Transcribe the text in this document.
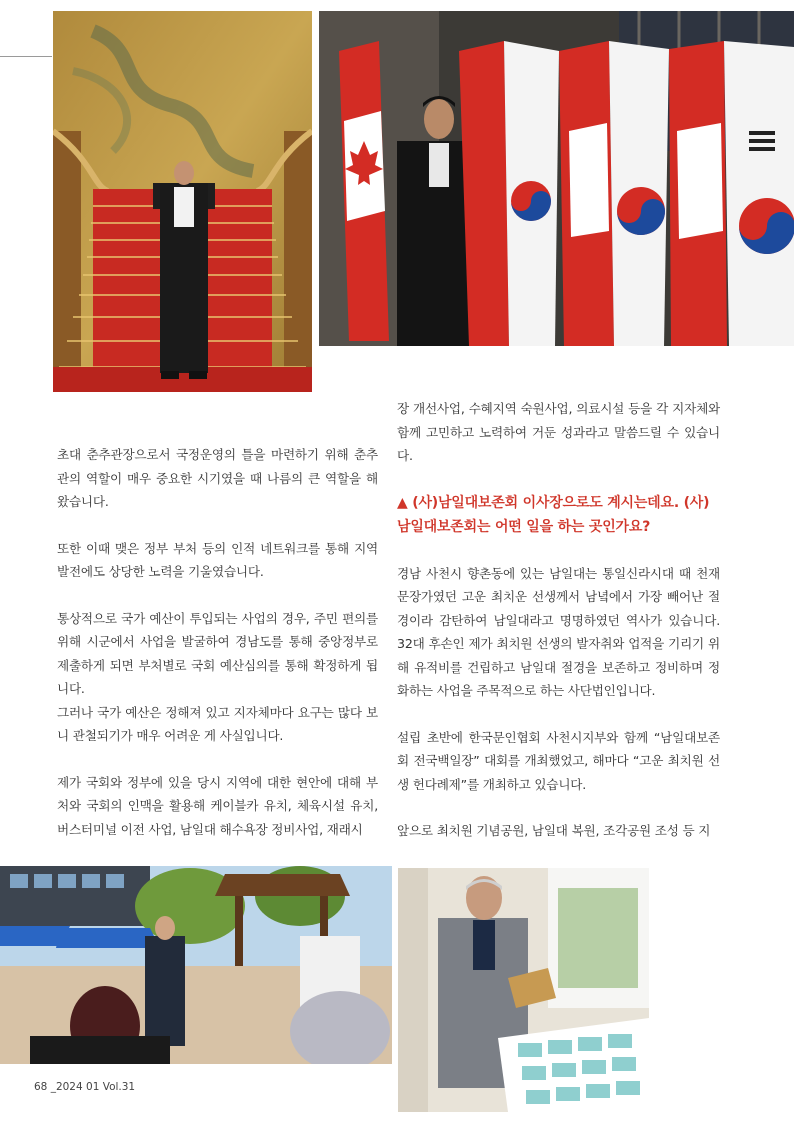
초대 춘추관장으로서 국정운영의 틀을 마련하기 위해 춘추관의 역할이 매우 중요한 시기였을 때 나름의 큰 역할을 해 왔습니다.

또한 이때 맺은 정부 부처 등의 인적 네트워크를 통해 지역 발전에도 상당한 노력을 기울였습니다.

통상적으로 국가 예산이 투입되는 사업의 경우, 주민 편의를 위해 시군에서 사업을 발굴하여 경남도를 통해 중앙정부로 제출하게 되면 부처별로 국회 예산심의를 통해 확정하게 됩니다.

그러나 국가 예산은 정해져 있고 지자체마다 요구는 많다 보니 관철되기가 매우 어려운 게 사실입니다.

제가 국회와 정부에 있을 당시 지역에 대한 현안에 대해 부처와 국회의 인맥을 활용해 케이블카 유치, 체육시설 유치, 버스터미널 이전 사업, 남일대 해수욕장 정비사업, 재래시

장 개선사업, 수혜지역 숙원사업, 의료시설 등을 각 지자체와 함께 고민하고 노력하여 거둔 성과라고 말씀드릴 수 있습니다.

▲ (사)남일대보존회 이사장으로도 계시는데요. (사)남일대보존회는 어떤 일을 하는 곳인가요?

경남 사천시 향촌동에 있는 남일대는 통일신라시대 때 천재 문장가였던 고운 최치운 선생께서 남녘에서 가장 빼어난 절경이라 감탄하여 남일대라고 명명하였던 역사가 있습니다. 32대 후손인 제가 최치원 선생의 발자취와 업적을 기리기 위해 유적비를 건립하고 남일대 절경을 보존하고 정비하며 정화하는 사업을 주목적으로 하는 사단법인입니다.

설립 초반에 한국문인협회 사천시지부와 함께 “남일대보존회 전국백일장” 대회를 개최했었고, 해마다 “고운 최치원 선생 헌다례제”를 개최하고 있습니다.

앞으로 최치원 기념공원, 남일대 복원, 조각공원 조성 등 지

68 _2024 01 Vol.31
